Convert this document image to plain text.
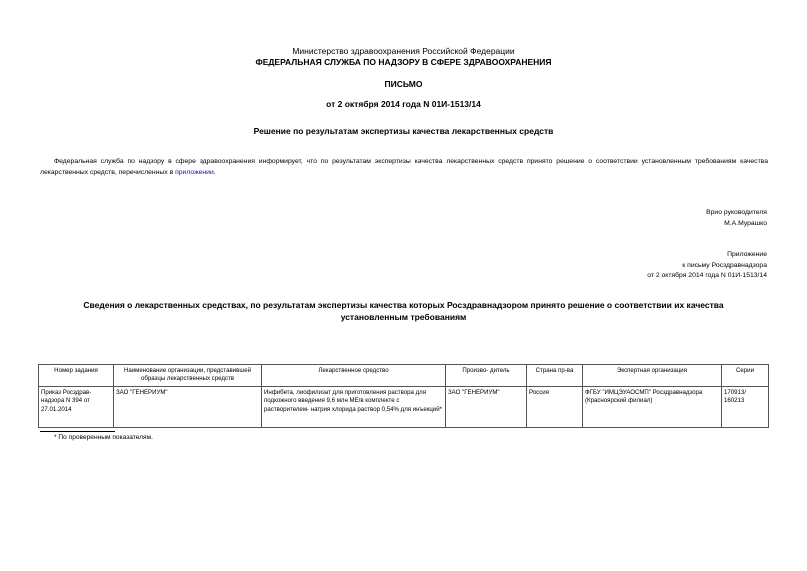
Министерство здравоохранения Российской Федерации
ФЕДЕРАЛЬНАЯ СЛУЖБА ПО НАДЗОРУ В СФЕРЕ ЗДРАВООХРАНЕНИЯ
ПИСЬМО
от 2 октября 2014 года N 01И-1513/14
Решение по результатам экспертизы качества лекарственных средств
Федеральная служба по надзору в сфере здравоохранения информирует, что по результатам экспертизы качества лекарственных средств принято решение о соответствии установленным требованиям качества лекарственных средств, перечисленных в приложении.
Врио руководителя
М.А.Мурашко
Приложение
к письму Росздравнадзора
от 2 октября 2014 года N 01И-1513/14
Сведения о лекарственных средствах, по результатам экспертизы качества которых Росздравнадзором принято решение о соответствии их качества установленным требованиям
Номер задания	Наименование организации, представившей образцы лекарственных средств	Лекарственное средство	Произво- дитель	Страна пр-ва	Экспертная организация	Серии
Приказ Росздрав- надзора N 394 от 27.01.2014	ЗАО "ГЕНЕРИУМ"	Инфибета, лиофилизат для приготовления раствора для подкожного введения 9,6 млн МЕ/в комплекте с растворителем- натрия хлорида раствор 0,54% для инъекций*	ЗАО "ГЕНЕРИУМ"	Россия	ФГБУ "ИМЦЭУАОСМП" Росздравнадзора (Красноярский филиал)	170913/ 160213
* По проверенным показателям.
